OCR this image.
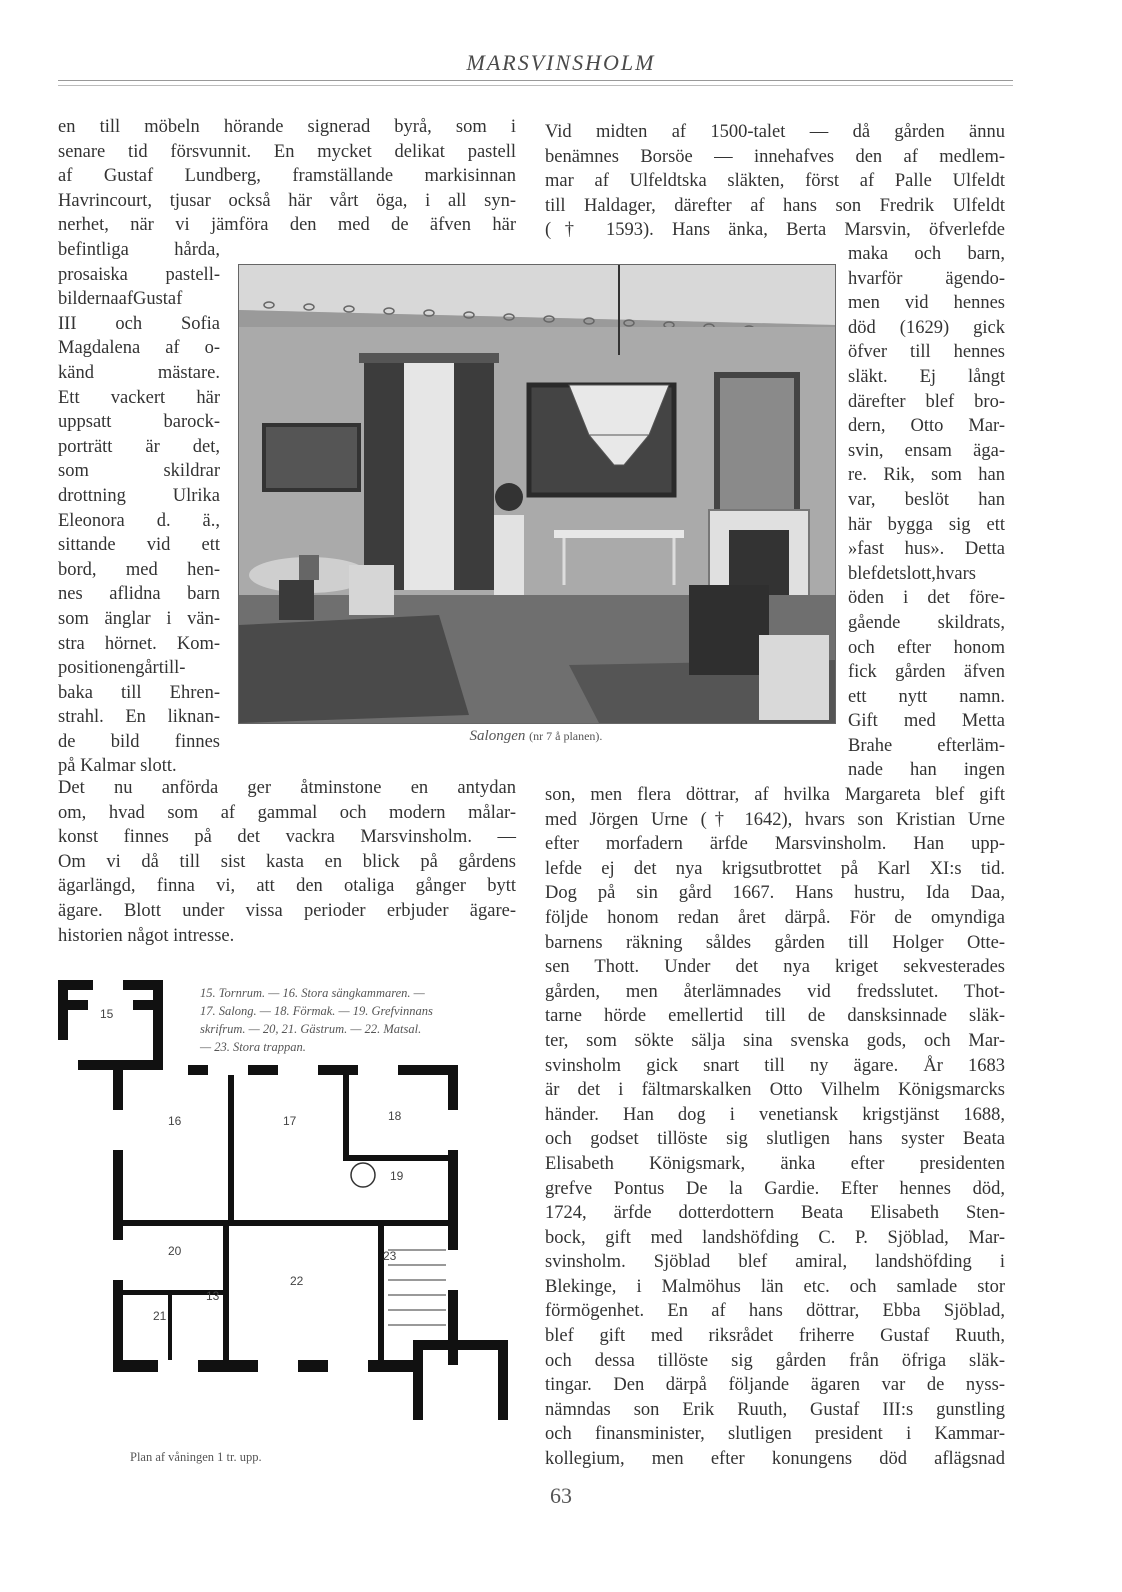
MARSVINSHOLM
en till möbeln hörande signerad byrå, som i
senare tid försvunnit. En mycket delikat pastell
af Gustaf Lundberg, framställande markisinnan
Havrincourt, tjusar också här vårt öga, i all syn-
nerhet, när vi jämföra den med de äfven här
befintliga hårda,
prosaiska pastell-
bildernaafGustaf
III och Sofia
Magdalena af o-
känd mästare.
Ett vackert här
uppsatt barock-
porträtt är det,
som skildrar
drottning Ulrika
Eleonora d. ä.,
sittande vid ett
bord, med hen-
nes aflidna barn
som änglar i vän-
stra hörnet. Kom-
positionengårtill-
baka till Ehren-
strahl. En liknan-
de bild finnes
på Kalmar slott.
Det nu anförda ger åtminstone en antydan
om, hvad som af gammal och modern målar-
konst finnes på det vackra Marsvinsholm. —
Om vi då till sist kasta en blick på gårdens
ägarlängd, finna vi, att den otaliga gånger bytt
ägare. Blott under vissa perioder erbjuder ägare-
historien något intresse.
Vid midten af 1500-talet — då gården ännu
benämnes Borsöe — innehafves den af medlem-
mar af Ulfeldtska släkten, först af Palle Ulfeldt
till Haldager, därefter af hans son Fredrik Ulfeldt
(† 1593). Hans änka, Berta Marsvin, öfverlefde
maka och barn,
hvarför ägendo-
men vid hennes
död (1629) gick
öfver till hennes
släkt. Ej långt
därefter blef bro-
dern, Otto Mar-
svin, ensam äga-
re. Rik, som han
var, beslöt han
här bygga sig ett
»fast hus». Detta
blefdetslott,hvars
öden i det före-
gående skildrats,
och efter honom
fick gården äfven
ett nytt namn.
Gift med Metta
Brahe efterläm-
nade han ingen
son, men flera döttrar, af hvilka Margareta blef gift
med Jörgen Urne († 1642), hvars son Kristian Urne
efter morfadern ärfde Marsvinsholm. Han upp-
lefde ej det nya krigsutbrottet på Karl XI:s tid.
Dog på sin gård 1667. Hans hustru, Ida Daa,
följde honom redan året därpå. För de omyndiga
barnens räkning såldes gården till Holger Otte-
sen Thott. Under det nya kriget sekvesterades
gården, men återlämnades vid fredsslutet. Thot-
tarne hörde emellertid till de dansksinnade släk-
ter, som sökte sälja sina svenska gods, och Mar-
svinsholm gick snart till ny ägare. År 1683
är det i fältmarskalken Otto Vilhelm Königsmarcks
händer. Han dog i venetiansk krigstjänst 1688,
och godset tillöste sig slutligen hans syster Beata
Elisabeth Königsmark, änka efter presidenten
grefve Pontus De la Gardie. Efter hennes död,
1724, ärfde dotterdottern Beata Elisabeth Sten-
bock, gift med landshöfding C. P. Sjöblad, Mar-
svinsholm. Sjöblad blef amiral, landshöfding i
Blekinge, i Malmöhus län etc. och samlade stor
förmögenhet. En af hans döttrar, Ebba Sjöblad,
blef gift med riksrådet friherre Gustaf Ruuth,
och dessa tillöste sig gården från öfriga släk-
tingar. Den därpå följande ägaren var de nyss-
nämndas son Erik Ruuth, Gustaf III:s gunstling
och finansminister, slutligen president i Kammar-
kollegium, men efter konungens död aflägsnad
Salongen (nr 7 å planen).
15
16	17	18
19
20
21
22
23
13
15. Tornrum. — 16. Stora sängkammaren. —
17. Salong. — 18. Förmak. — 19. Grefvinnans
skrifrum. — 20, 21. Gästrum. — 22. Matsal.
— 23. Stora trappan.
Plan af våningen 1 tr. upp.
63
